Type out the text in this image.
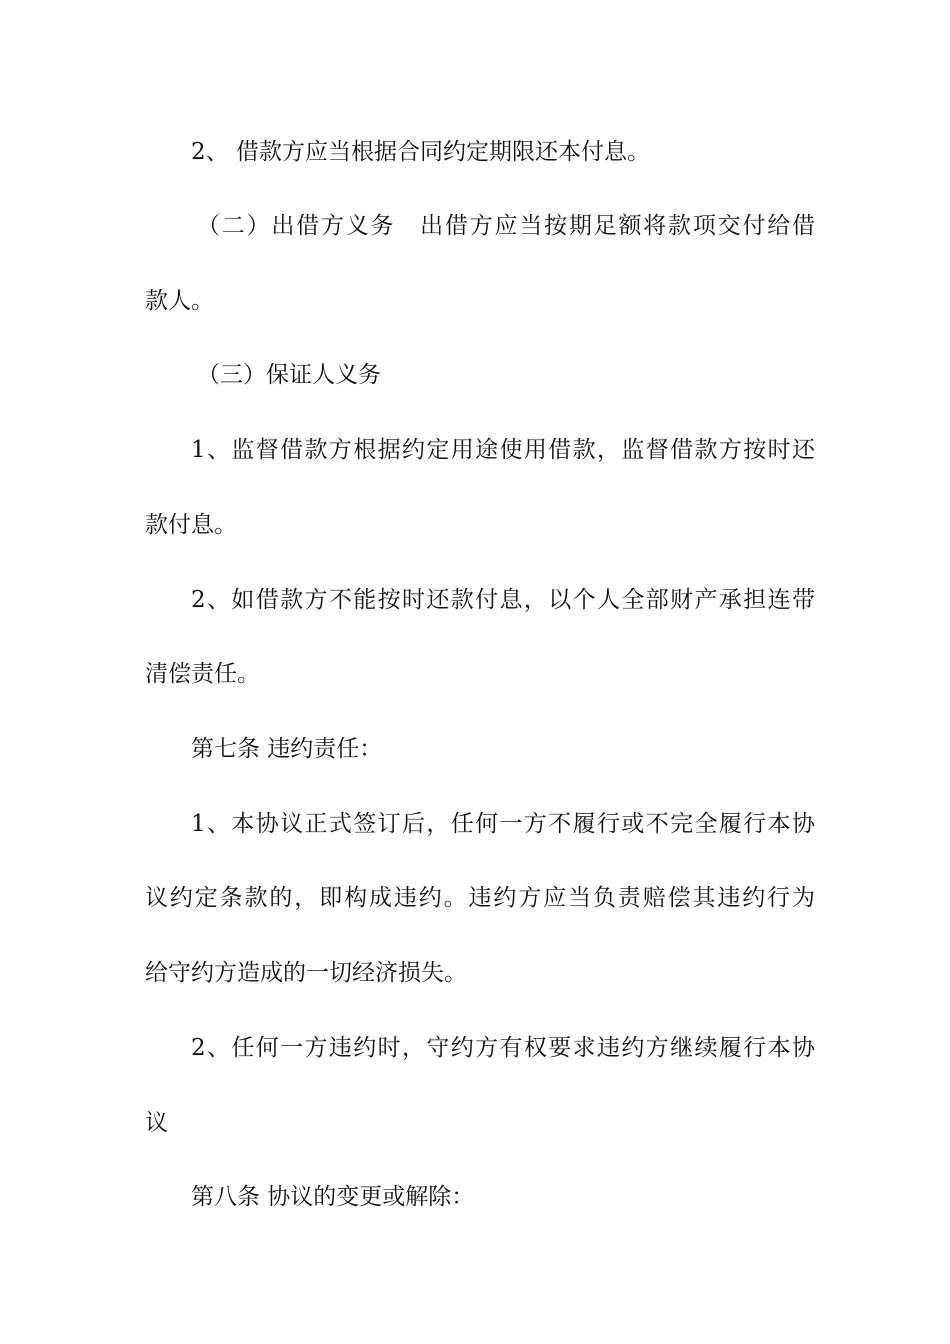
2、 借款方应当根据合同约定期限还本付息。
（二）出借方义务　出借方应当按期足额将款项交付给借
款人。
（三）保证人义务
1、监督借款方根据约定用途使用借款，监督借款方按时还
款付息。
2、如借款方不能按时还款付息，以个人全部财产承担连带
清偿责任。
第七条 违约责任：
1、本协议正式签订后，任何一方不履行或不完全履行本协
议约定条款的，即构成违约。违约方应当负责赔偿其违约行为
给守约方造成的一切经济损失。
2、任何一方违约时，守约方有权要求违约方继续履行本协
议
第八条 协议的变更或解除：
